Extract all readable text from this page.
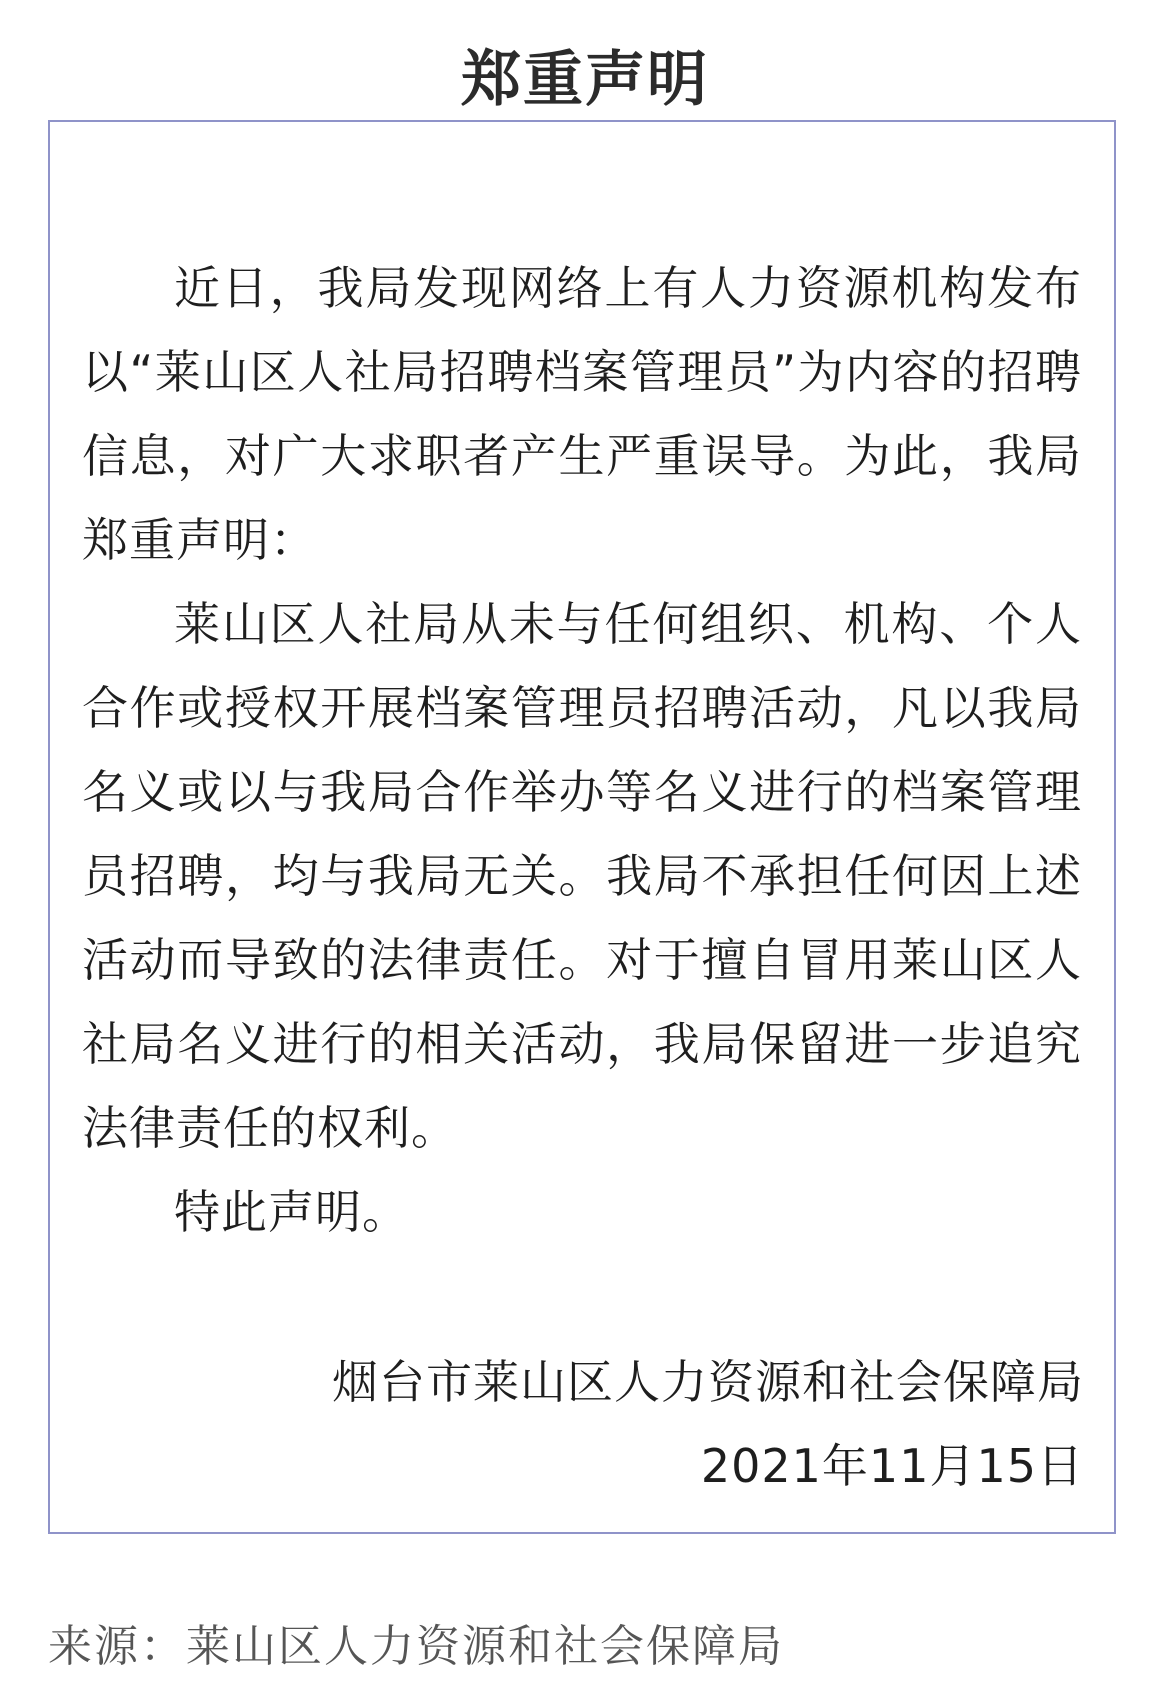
郑重声明

近日，我局发现网络上有人力资源机构发布以“莱山区人社局招聘档案管理员”为内容的招聘信息，对广大求职者产生严重误导。为此，我局郑重声明：

莱山区人社局从未与任何组织、机构、个人合作或授权开展档案管理员招聘活动，凡以我局名义或以与我局合作举办等名义进行的档案管理员招聘，均与我局无关。我局不承担任何因上述活动而导致的法律责任。对于擅自冒用莱山区人社局名义进行的相关活动，我局保留进一步追究法律责任的权利。

特此声明。

烟台市莱山区人力资源和社会保障局
2021年11月15日
来源：莱山区人力资源和社会保障局
